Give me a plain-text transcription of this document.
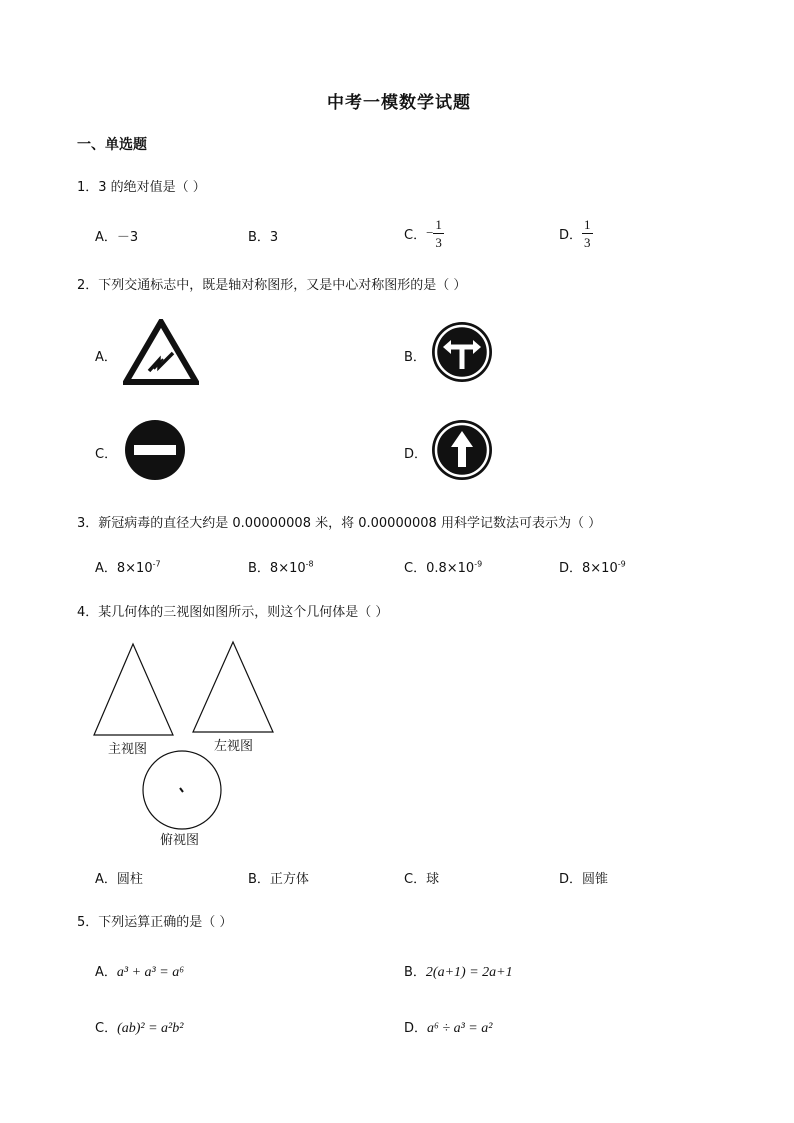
中考一模数学试题
一、单选题
1．3 的绝对值是（ ）
A．－3	B．3	C． − $\frac{1}{3}$	D． $\frac{1}{3}$
2．下列交通标志中，既是轴对称图形，又是中心对称图形的是（ ）
A．	B．
C．	D．
3．新冠病毒的直径大约是 0.00000008 米，将 0.00000008 用科学记数法可表示为（ ）
A．$8\times 10^{-7}$	B．$8\times 10^{-8}$	C．$0.8\times 10^{-9}$	D．$8\times 10^{-9}$
4．某几何体的三视图如图所示，则这个几何体是（ ）
主视图	左视图
俯视图
A．圆柱	B．正方体	C．球	D．圆锥
5．下列运算正确的是（ ）
A．a³ + a³ = a⁶	B．2(a+1) = 2a+1
C．(ab)² = a²b²	D．a⁶ ÷ a³ = a²
